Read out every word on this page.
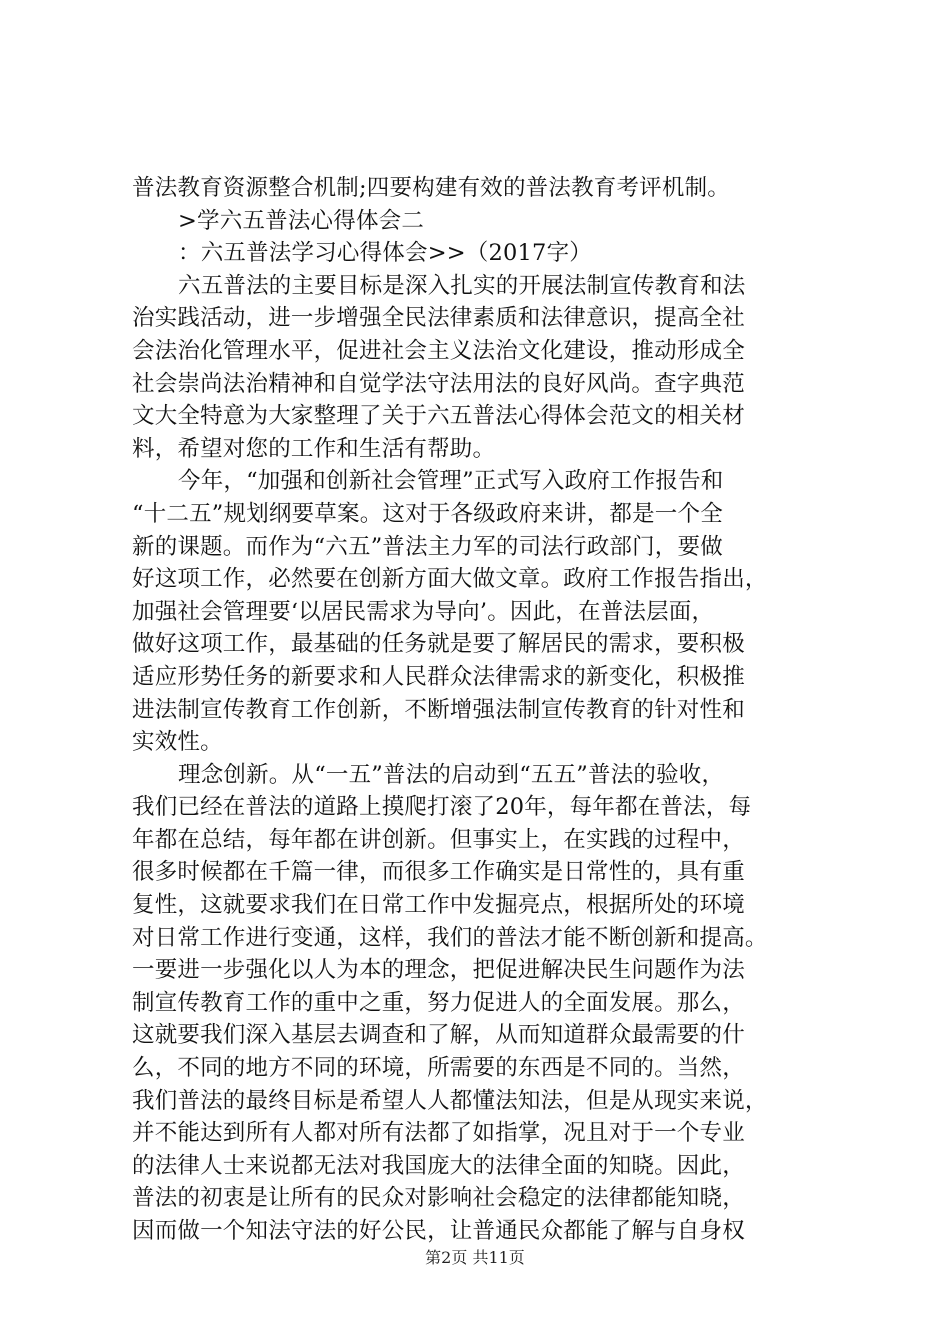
普法教育资源整合机制;四要构建有效的普法教育考评机制。
>学六五普法心得体会二
：六五普法学习心得体会>>（2017字）
六五普法的主要目标是深入扎实的开展法制宣传教育和法
治实践活动，进一步增强全民法律素质和法律意识，提高全社
会法治化管理水平，促进社会主义法治文化建设，推动形成全
社会崇尚法治精神和自觉学法守法用法的良好风尚。查字典范
文大全特意为大家整理了关于六五普法心得体会范文的相关材
料，希望对您的工作和生活有帮助。
今年，“加强和创新社会管理”正式写入政府工作报告和
“十二五”规划纲要草案。这对于各级政府来讲，都是一个全
新的课题。而作为“六五”普法主力军的司法行政部门，要做
好这项工作，必然要在创新方面大做文章。政府工作报告指出，
加强社会管理要‘以居民需求为导向’。因此，在普法层面，
做好这项工作，最基础的任务就是要了解居民的需求，要积极
适应形势任务的新要求和人民群众法律需求的新变化，积极推
进法制宣传教育工作创新，不断增强法制宣传教育的针对性和
实效性。
理念创新。从“一五”普法的启动到“五五”普法的验收，
我们已经在普法的道路上摸爬打滚了20年，每年都在普法，每
年都在总结，每年都在讲创新。但事实上，在实践的过程中，
很多时候都在千篇一律，而很多工作确实是日常性的，具有重
复性，这就要求我们在日常工作中发掘亮点，根据所处的环境
对日常工作进行变通，这样，我们的普法才能不断创新和提高。
一要进一步强化以人为本的理念，把促进解决民生问题作为法
制宣传教育工作的重中之重，努力促进人的全面发展。那么，
这就要我们深入基层去调查和了解，从而知道群众最需要的什
么，不同的地方不同的环境，所需要的东西是不同的。当然，
我们普法的最终目标是希望人人都懂法知法，但是从现实来说，
并不能达到所有人都对所有法都了如指掌，况且对于一个专业
的法律人士来说都无法对我国庞大的法律全面的知晓。因此，
普法的初衷是让所有的民众对影响社会稳定的法律都能知晓，
因而做一个知法守法的好公民，让普通民众都能了解与自身权
第2页 共11页
